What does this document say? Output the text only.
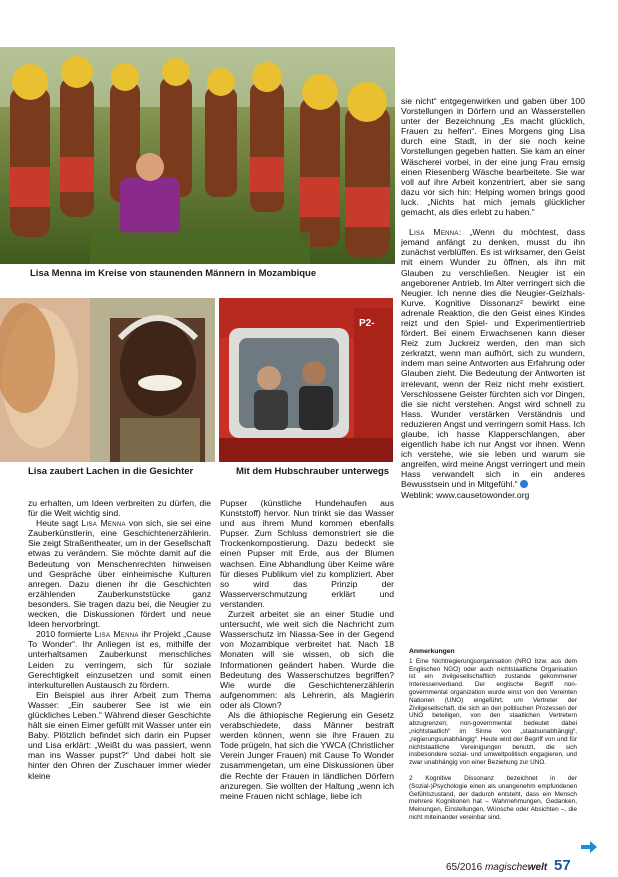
Lisa Menna im Kreise von staunenden Männern in Mozambique
Lisa zaubert Lachen in die Gesichter
P2-
Mit dem Hubschrauber unterwegs

zu erhalten, um Ideen verbreiten zu dürfen, die für die Welt wichtig sind.

Heute sagt Lisa Menna von sich, sie sei eine Zauberkünstlerin, eine Geschichtenerzählerin. Sie zeigt Straßentheater, um in der Gesellschaft etwas zu verändern. Sie möchte damit auf die Bedeutung von Menschenrechten hinweisen und Gespräche über einheimische Kulturen anregen. Dazu dienen ihr die Geschichten erzählenden Zauberkunststücke ganz besonders. Sie tragen dazu bei, die Neugier zu wecken, die Diskussionen fördert und neue Ideen hervorbringt.

2010 formierte Lisa Menna ihr Projekt „Cause To Wonder“. Ihr Anliegen ist es, mithilfe der unterhaltsamen Zauberkunst menschliches Leiden zu verringern, sich für soziale Gerechtigkeit einzusetzen und somit einen interkulturellen Austausch zu fördern.

Ein Beispiel aus ihrer Arbeit zum Thema Wasser: „Ein sauberer See ist wie ein glückliches Leben.“ Während dieser Geschichte hält sie einen Eimer gefüllt mit Wasser unter ein Baby. Plötzlich befindet sich darin ein Pupser und Lisa erklärt: „Weißt du was passiert, wenn man ins Wasser pupst?“ Und dabei holt sie hinter den Ohren der Zuschauer immer wieder kleine

Pupser (künstliche Hundehaufen aus Kunststoff) hervor. Nun trinkt sie das Wasser und aus ihrem Mund kommen ebenfalls Pupser. Zum Schluss demonstriert sie die Trockenkompostierung. Dazu bedeckt sie einen Pupser mit Erde, aus der Blumen wachsen. Eine Abhandlung über Keime wäre für dieses Publikum viel zu kompliziert. Aber so wird das Prinzip der Wasserverschmutzung erklärt und verstanden.

Zurzeit arbeitet sie an einer Studie und untersucht, wie weit sich die Nachricht zum Wasserschutz im Niassa-See in der Gegend von Mozambique verbreitet hat. Nach 18 Monaten will sie wissen, ob sich die Informationen geändert haben. Wurde die Bedeutung des Wasserschutzes begriffen? Wie wurde die Geschichtenerzählerin aufgenommen: als Lehrerin, als Magierin oder als Clown?

Als die äthiopische Regierung ein Gesetz verabschiedete, dass Männer bestraft werden können, wenn sie ihre Frauen zu Tode prügeln, hat sich die YWCA (Christlicher Verein Junger Frauen) mit Cause To Wonder zusammengetan, um eine Diskussionen über die Rechte der Frauen in ländlichen Dörfern anzuregen. Sie wollten der Haltung „wenn ich meine Frauen nicht schlage, liebe ich

sie nicht“ entgegenwirken und gaben über 100 Vorstellungen in Dörfern und an Wasserstellen unter der Bezeichnung „Es macht glücklich, Frauen zu helfen“. Eines Morgens ging Lisa durch eine Stadt, in der sie noch keine Vorstellungen gegeben hatten. Sie kam an einer Wäscherei vorbei, in der eine jung Frau emsig einen Riesenberg Wäsche bearbeitete. Sie war voll auf ihre Arbeit konzentriert, aber sie sang dazu vor sich hin: Helping women brings good luck. „Nichts hat mich jemals glücklicher gemacht, als dies erlebt zu haben.“

Lisa Menna: „Wenn du möchtest, dass jemand anfängt zu denken, musst du ihn zunächst verblüffen. Es ist wirksamer, den Geist mit einem Wunder zu öffnen, als ihn mit Glauben zu verschließen. Neugier ist ein angeborener Antrieb. Im Alter verringert sich die Neugier. Ich nenne dies die Neugier-Geizhals-Kurve. Kognitive Dissonanz² bewirkt eine adrenale Reaktion, die den Geist eines Kindes reizt und den Spiel- und Experimentiertrieb fördert. Bei einem Erwachsenen kann dieser Reiz zum Juckreiz werden, den man sich zerkratzt, wenn man aufhört, sich zu wundern, indem man seine Antworten aus Erfahrung oder Glauben zieht. Die Bedeutung der Antworten ist irrelevant, wenn der Reiz nicht mehr existiert. Verschlossene Geister fürchten sich vor Dingen, die sie nicht verstehen. Angst wird schnell zu Hass. Wunder verstärken Verständnis und reduzieren Angst und verringern somit Hass. Ich glaube, ich hasse Klapperschlangen, aber eigentlich habe ich nur Angst vor ihnen. Wenn ich verstehe, wie sie leben und warum sie angreifen, wird meine Angst verringert und mein Hass verwandelt sich in ein anderes Bewusstsein und in Mitgefühl.“

Weblink: www.causetowonder.org

Anmerkungen

1 Eine Nichtregierungsorganisation (NRO bzw. aus dem Englischen NGO) oder auch nichtstaatliche Organisation ist ein zivilgesellschaftlich zustande gekommener Interessenverband. Der englische Begriff non-governmental organization wurde einst von den Vereinten Nationen (UNO) eingeführt, um Vertreter der Zivilgesellschaft, die sich an den politischen Prozessen der UNO beteiligen, von den staatlichen Vertretern abzugrenzen; non-governmental bedeutet dabei „nichtstaatlich“ im Sinne von „staatsunabhängig“, „regierungsunabhängig“. Heute wird der Begriff von und für nichtstaatliche Vereinigungen benutzt, die sich insbesondere sozial- und umweltpolitisch engagieren, und zwar unabhängig von einer Beziehung zur UNO.

2 Kognitive Dissonanz bezeichnet in der (Sozial-)Psychologie einen als unangenehm empfundenen Gefühlszustand, der dadurch entsteht, dass ein Mensch mehrere Kognitionen hat – Wahrnehmungen, Gedanken, Meinungen, Einstellungen, Wünsche oder Absichten –, die nicht miteinander vereinbar sind.

65/2016 magischewelt 57
